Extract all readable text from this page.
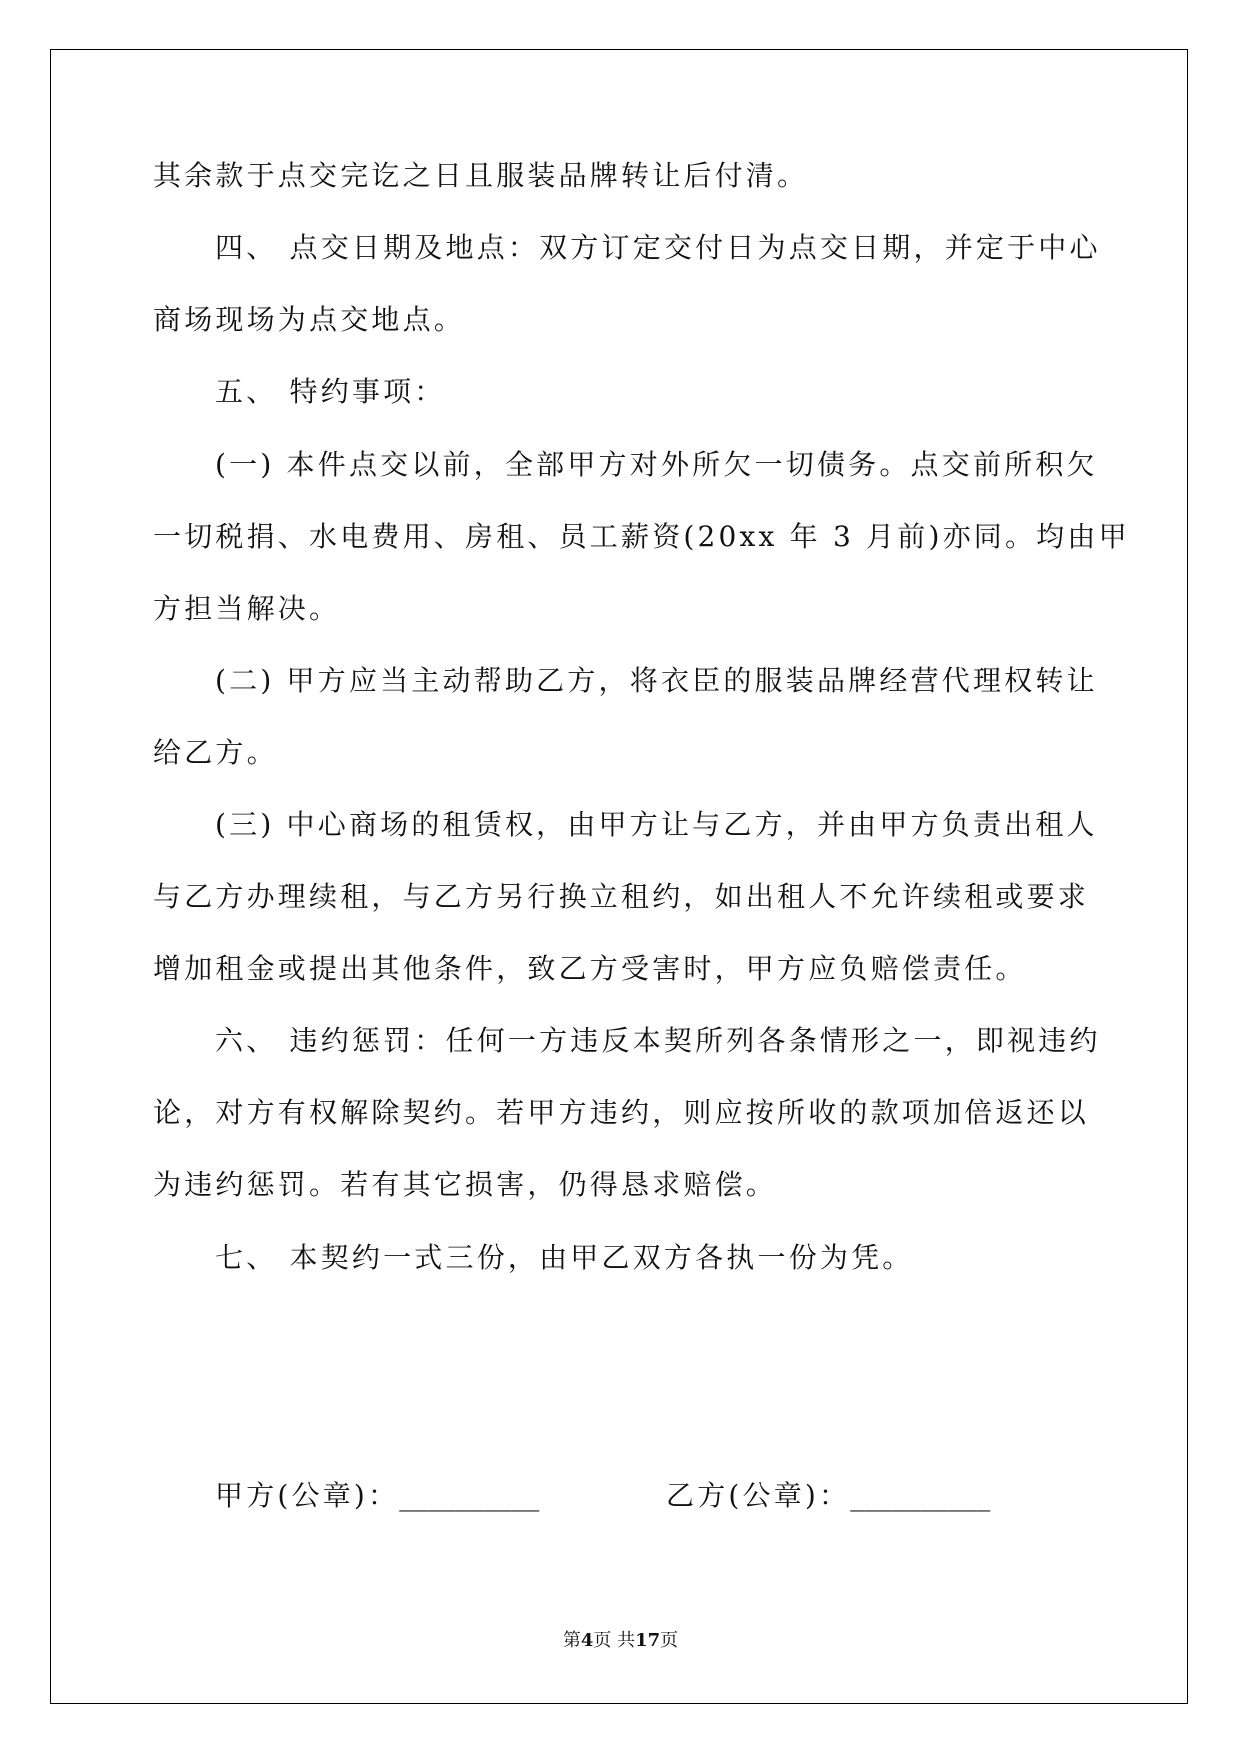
其余款于点交完讫之日且服装品牌转让后付清。
四、 点交日期及地点：双方订定交付日为点交日期，并定于中心
商场现场为点交地点。
五、 特约事项：
(一) 本件点交以前，全部甲方对外所欠一切债务。点交前所积欠
一切税捐、水电费用、房租、员工薪资(20xx 年 3 月前)亦同。均由甲
方担当解决。
(二) 甲方应当主动帮助乙方，将衣臣的服装品牌经营代理权转让
给乙方。
(三) 中心商场的租赁权，由甲方让与乙方，并由甲方负责出租人
与乙方办理续租，与乙方另行换立租约，如出租人不允许续租或要求
增加租金或提出其他条件，致乙方受害时，甲方应负赔偿责任。
六、 违约惩罚：任何一方违反本契所列各条情形之一，即视违约
论，对方有权解除契约。若甲方违约，则应按所收的款项加倍返还以
为违约惩罚。若有其它损害，仍得恳求赔偿。
七、 本契约一式三份，由甲乙双方各执一份为凭。
甲方(公章)：__________	乙方(公章)：__________
第4页 共17页
